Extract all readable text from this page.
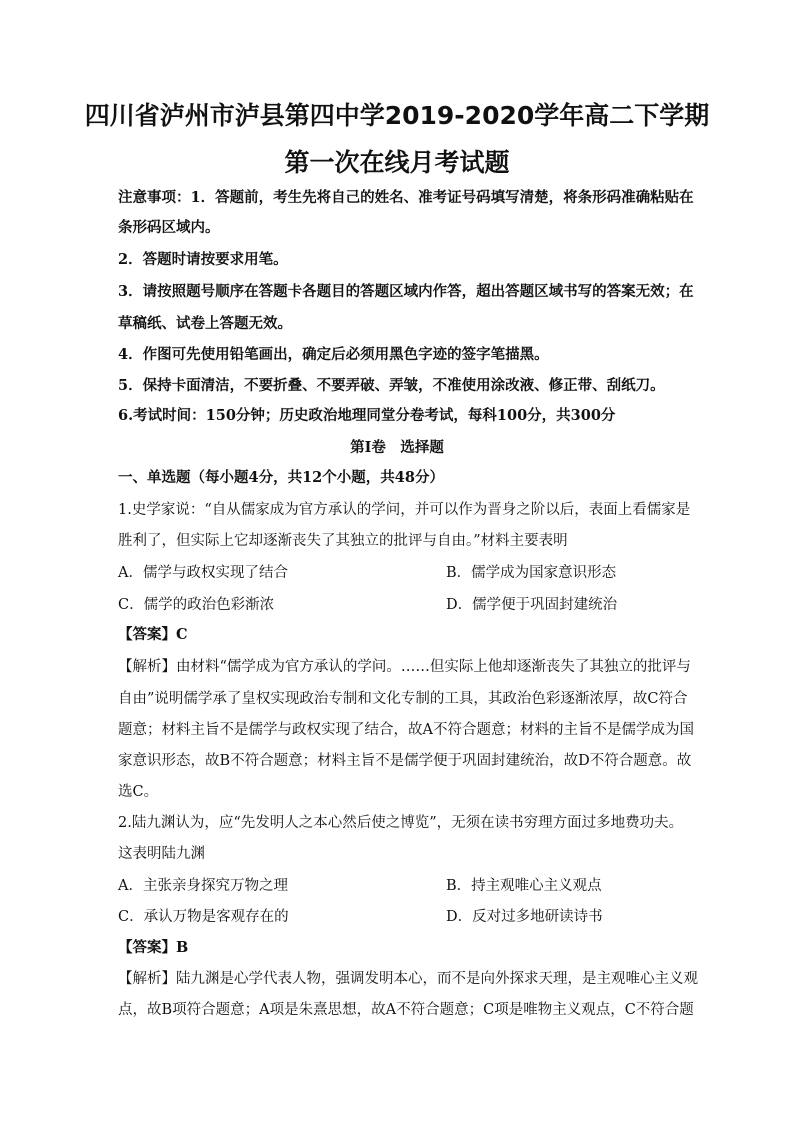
四川省泸州市泸县第四中学2019-2020学年高二下学期
第一次在线月考试题
注意事项：1．答题前，考生先将自己的姓名、准考证号码填写清楚，将条形码准确粘贴在
条形码区域内。
2．答题时请按要求用笔。
3．请按照题号顺序在答题卡各题目的答题区域内作答，超出答题区域书写的答案无效；在
草稿纸、试卷上答题无效。
4．作图可先使用铅笔画出，确定后必须用黑色字迹的签字笔描黑。
5．保持卡面清洁，不要折叠、不要弄破、弄皱，不准使用涂改液、修正带、刮纸刀。
6.考试时间：150分钟；历史政治地理同堂分卷考试，每科100分，共300分
第Ⅰ卷　选择题
一、单选题（每小题4分，共12个小题，共48分）
1.史学家说：“自从儒家成为官方承认的学问，并可以作为晋身之阶以后，表面上看儒家是
胜利了，但实际上它却逐渐丧失了其独立的批评与自由。”材料主要表明
A．儒学与政权实现了结合	B．儒学成为国家意识形态
C．儒学的政治色彩渐浓	D．儒学便于巩固封建统治
【答案】C
【解析】由材料“儒学成为官方承认的学问。……但实际上他却逐渐丧失了其独立的批评与
自由”说明儒学承了皇权实现政治专制和文化专制的工具，其政治色彩逐渐浓厚，故C符合
题意；材料主旨不是儒学与政权实现了结合，故A不符合题意；材料的主旨不是儒学成为国
家意识形态，故B不符合题意；材料主旨不是儒学便于巩固封建统治，故D不符合题意。故
选C。
2.陆九渊认为，应“先发明人之本心然后使之博览”，无须在读书穷理方面过多地费功夫。
这表明陆九渊
A．主张亲身探究万物之理	B．持主观唯心主义观点
C．承认万物是客观存在的	D．反对过多地研读诗书
【答案】B
【解析】陆九渊是心学代表人物，强调发明本心，而不是向外探求天理，是主观唯心主义观
点，故B项符合题意；A项是朱熹思想，故A不符合题意；C项是唯物主义观点，C不符合题
